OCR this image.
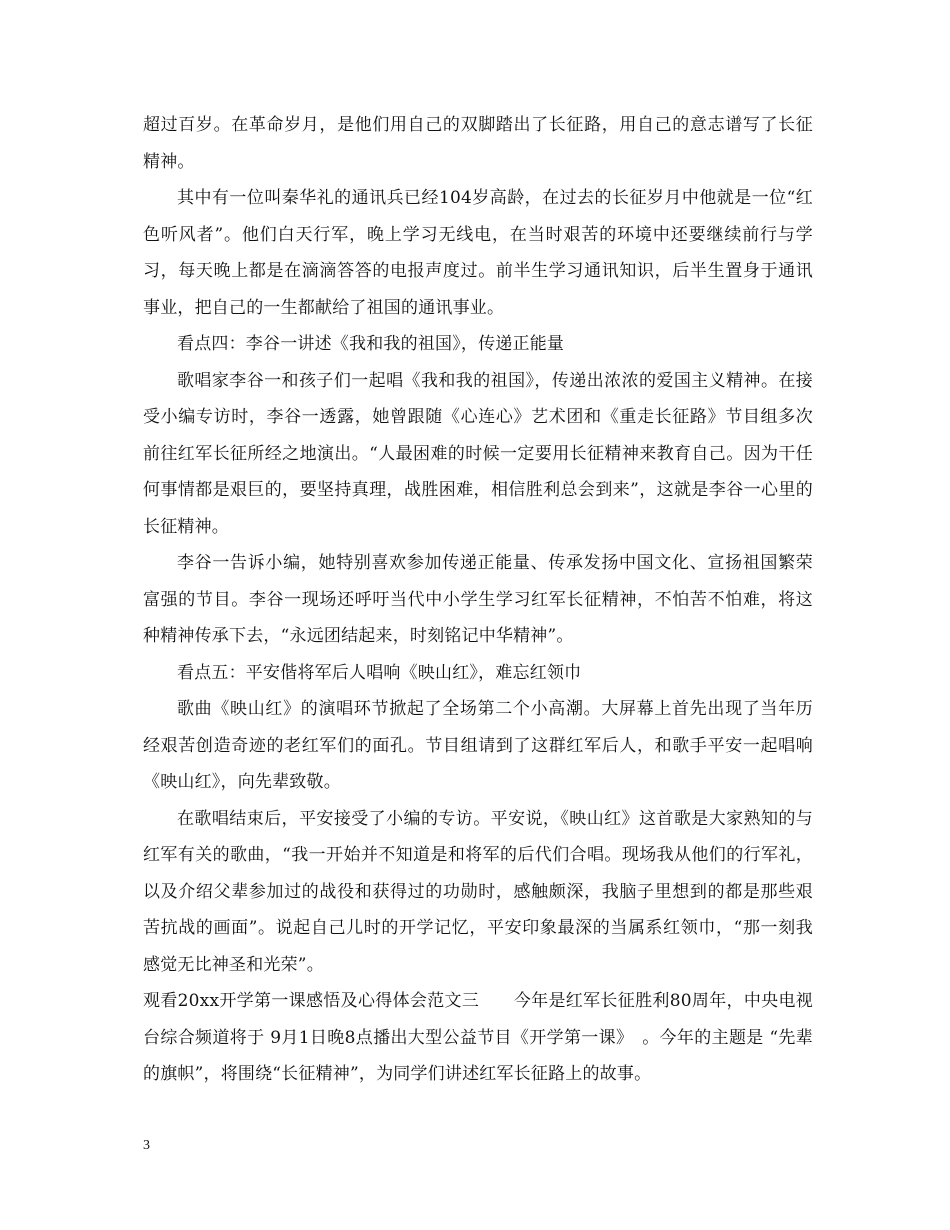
超过百岁。在革命岁月，是他们用自己的双脚踏出了长征路，用自己的意志谱写了长征精神。

其中有一位叫秦华礼的通讯兵已经104岁高龄，在过去的长征岁月中他就是一位“红色听风者”。他们白天行军，晚上学习无线电，在当时艰苦的环境中还要继续前行与学习，每天晚上都是在滴滴答答的电报声度过。前半生学习通讯知识，后半生置身于通讯事业，把自己的一生都献给了祖国的通讯事业。

看点四：李谷一讲述《我和我的祖国》，传递正能量

歌唱家李谷一和孩子们一起唱《我和我的祖国》，传递出浓浓的爱国主义精神。在接受小编专访时，李谷一透露，她曾跟随《心连心》艺术团和《重走长征路》节目组多次前往红军长征所经之地演出。“人最困难的时候一定要用长征精神来教育自己。因为干任何事情都是艰巨的，要坚持真理，战胜困难，相信胜利总会到来”，这就是李谷一心里的长征精神。

李谷一告诉小编，她特别喜欢参加传递正能量、传承发扬中国文化、宣扬祖国繁荣富强的节目。李谷一现场还呼吁当代中小学生学习红军长征精神，不怕苦不怕难，将这种精神传承下去，“永远团结起来，时刻铭记中华精神”。

看点五：平安偕将军后人唱响《映山红》，难忘红领巾

歌曲《映山红》的演唱环节掀起了全场第二个小高潮。大屏幕上首先出现了当年历经艰苦创造奇迹的老红军们的面孔。节目组请到了这群红军后人，和歌手平安一起唱响《映山红》，向先辈致敬。

在歌唱结束后，平安接受了小编的专访。平安说，《映山红》这首歌是大家熟知的与红军有关的歌曲，“我一开始并不知道是和将军的后代们合唱。现场我从他们的行军礼，以及介绍父辈参加过的战役和获得过的功勋时，感触颇深，我脑子里想到的都是那些艰苦抗战的画面”。说起自己儿时的开学记忆，平安印象最深的当属系红领巾，“那一刻我感觉无比神圣和光荣”。

观看20xx开学第一课感悟及心得体会范文三　　今年是红军长征胜利80周年，中央电视台综合频道将于 9月1日晚8点播出大型公益节目《开学第一课》　。今年的主题是 “先辈的旗帜”，将围绕“长征精神”，为同学们讲述红军长征路上的故事。

3
